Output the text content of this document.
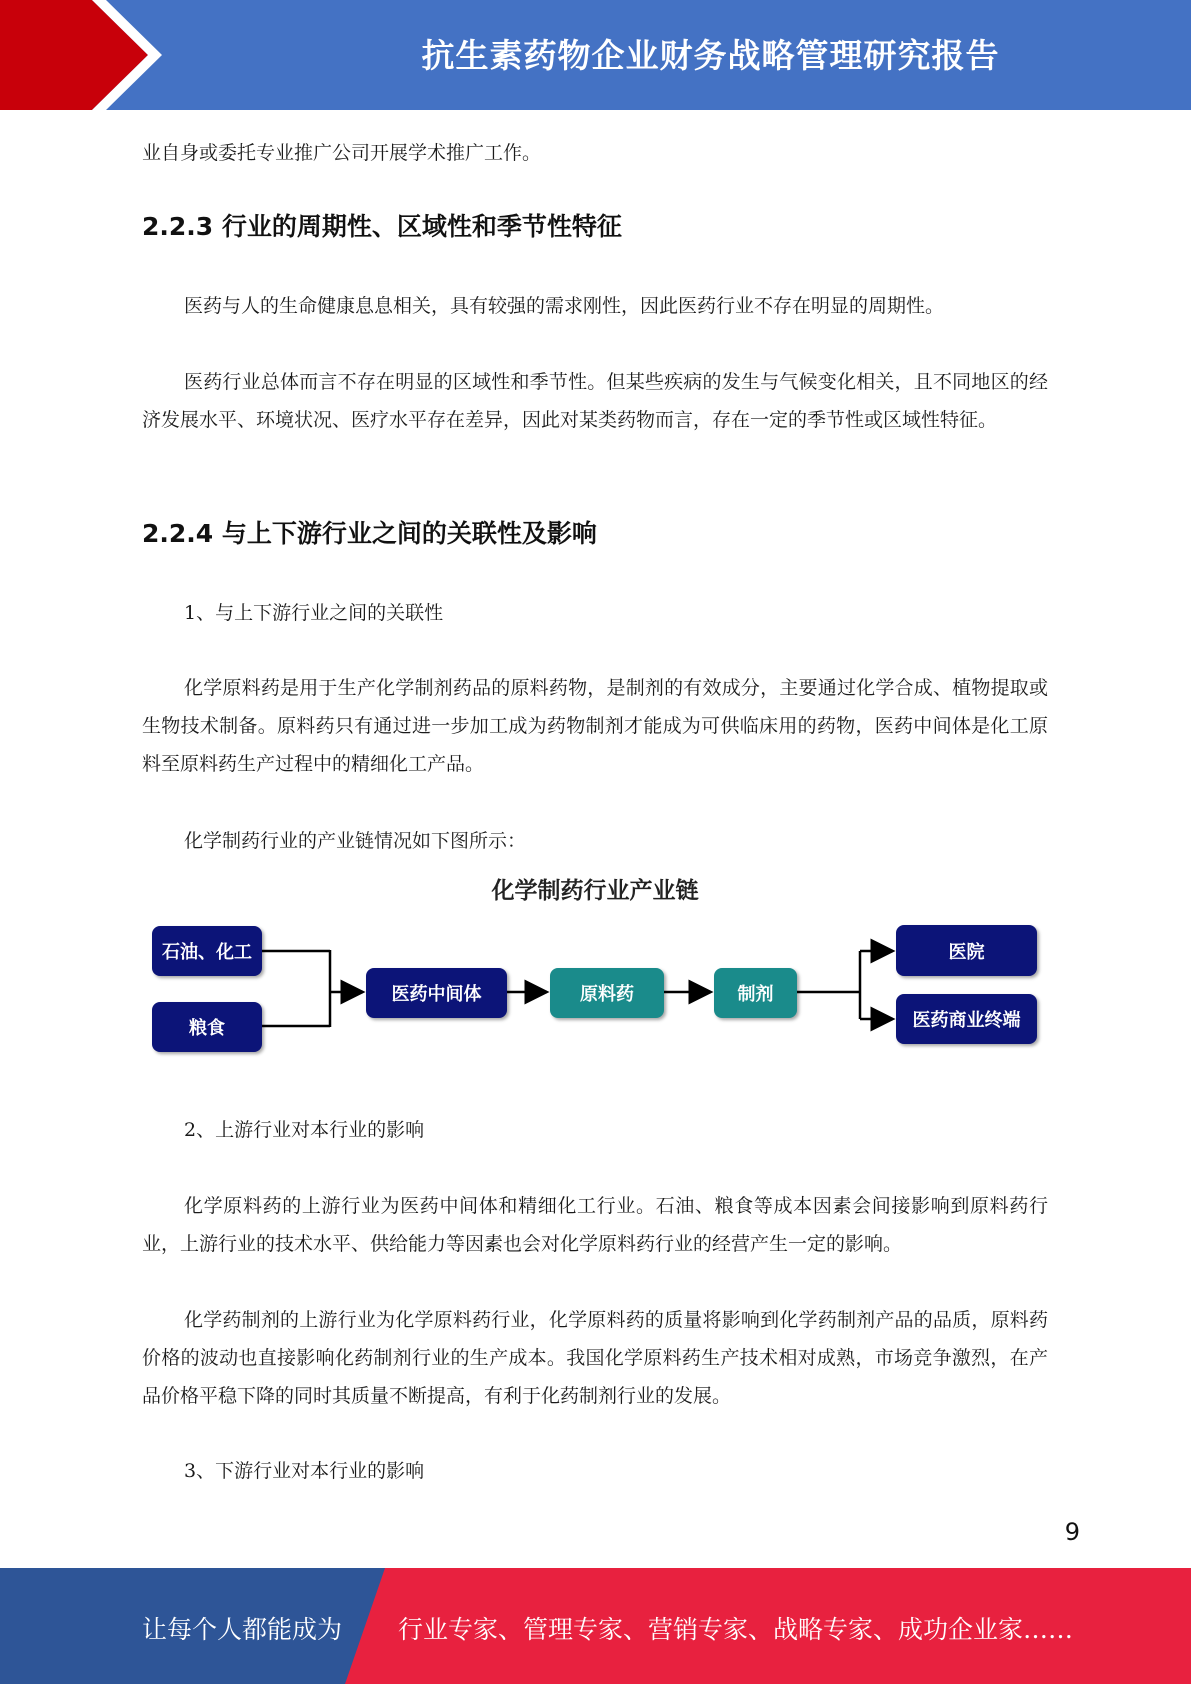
抗生素药物企业财务战略管理研究报告

业自身或委托专业推广公司开展学术推广工作。

2.2.3 行业的周期性、区域性和季节性特征

医药与人的生命健康息息相关，具有较强的需求刚性，因此医药行业不存在明显的周期性。

医药行业总体而言不存在明显的区域性和季节性。但某些疾病的发生与气候变化相关，且不同地区的经济发展水平、环境状况、医疗水平存在差异，因此对某类药物而言，存在一定的季节性或区域性特征。

2.2.4 与上下游行业之间的关联性及影响

1、与上下游行业之间的关联性

化学原料药是用于生产化学制剂药品的原料药物，是制剂的有效成分，主要通过化学合成、植物提取或生物技术制备。原料药只有通过进一步加工成为药物制剂才能成为可供临床用的药物，医药中间体是化工原料至原料药生产过程中的精细化工产品。

化学制药行业的产业链情况如下图所示：

2、上游行业对本行业的影响

化学原料药的上游行业为医药中间体和精细化工行业。石油、粮食等成本因素会间接影响到原料药行业，上游行业的技术水平、供给能力等因素也会对化学原料药行业的经营产生一定的影响。

化学药制剂的上游行业为化学原料药行业，化学原料药的质量将影响到化学药制剂产品的品质，原料药价格的波动也直接影响化药制剂行业的生产成本。我国化学原料药生产技术相对成熟，市场竞争激烈，在产品价格平稳下降的同时其质量不断提高，有利于化药制剂行业的发展。

3、下游行业对本行业的影响

化学制药行业产业链
石油、化工
粮食
医药中间体	原料药	制剂
医院
医药商业终端
9
让每个人都能成为 行业专家、管理专家、营销专家、战略专家、成功企业家……
